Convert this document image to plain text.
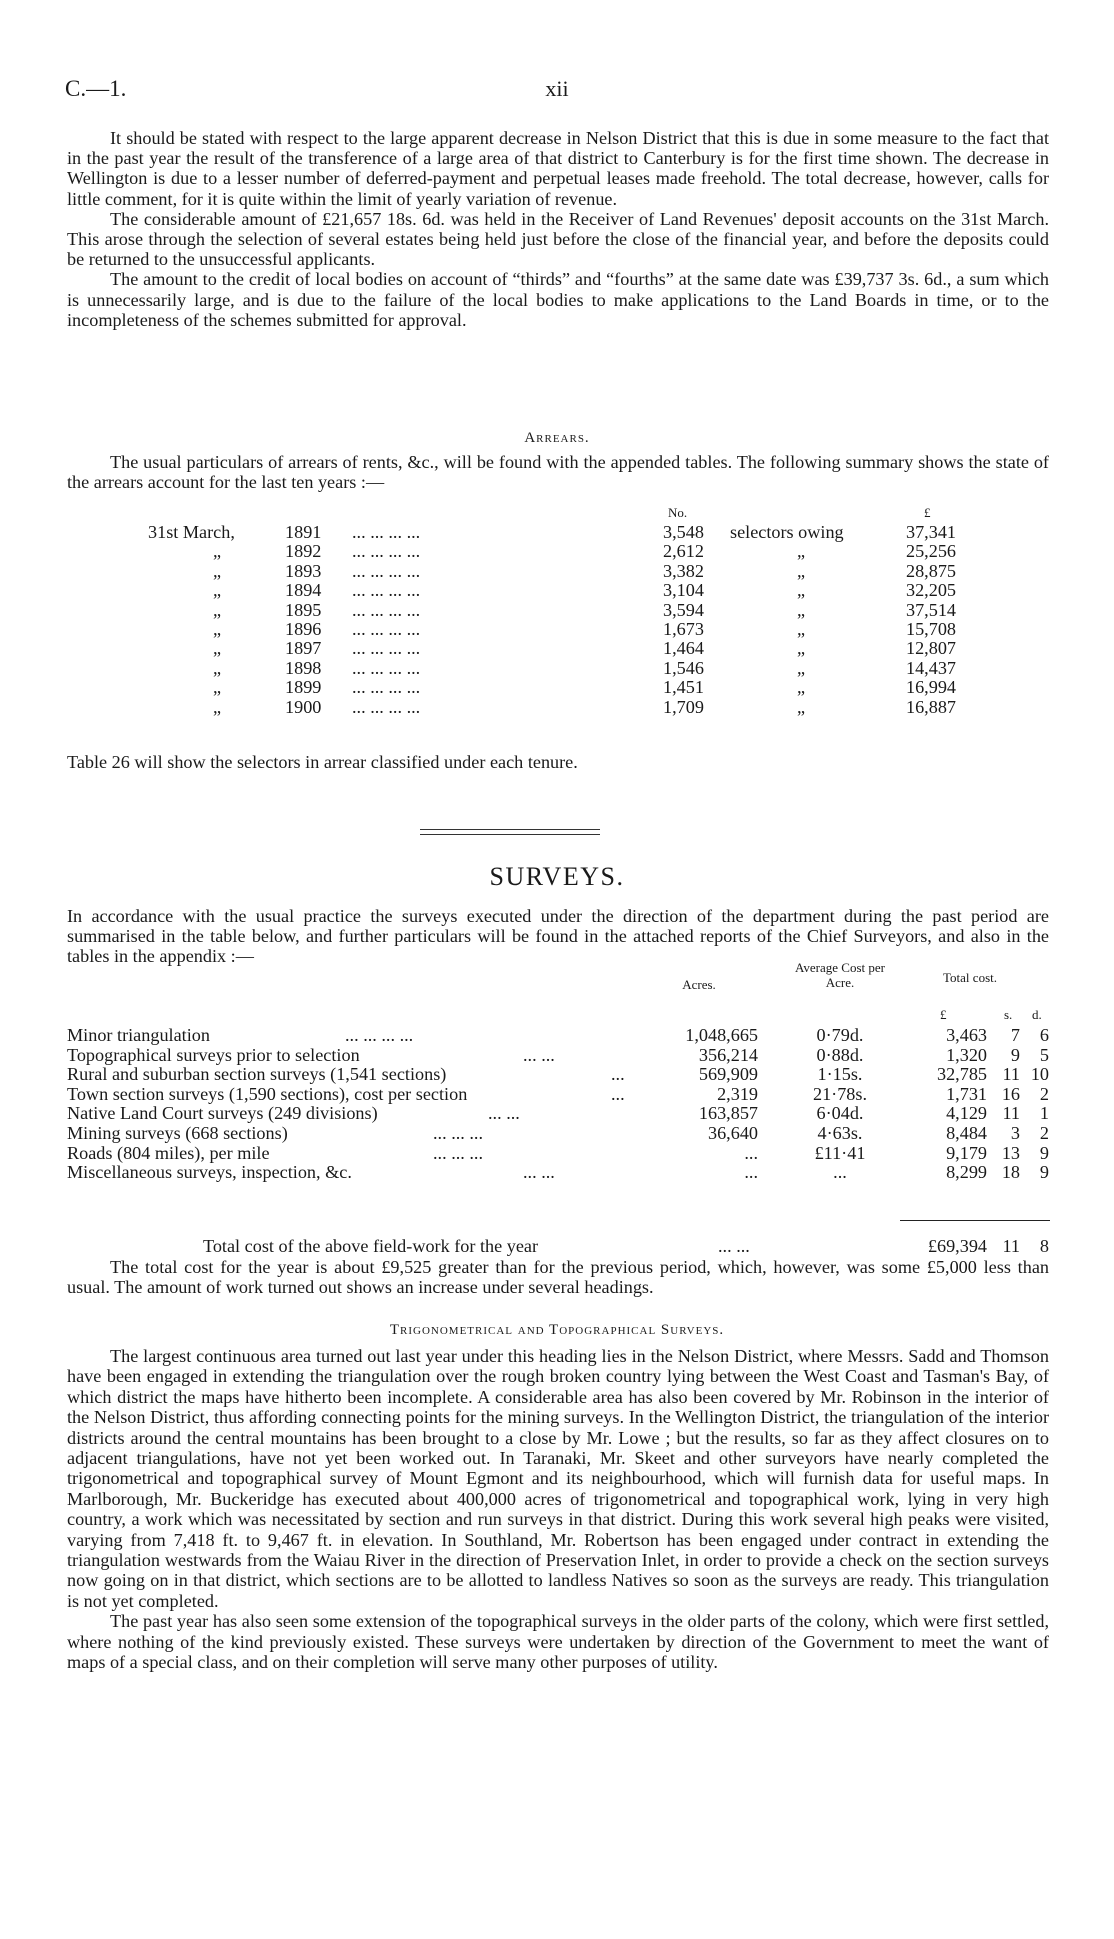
C.—1.	xii

It should be stated with respect to the large apparent decrease in Nelson District that this is due in some measure to the fact that in the past year the result of the transference of a large area of that district to Canterbury is for the first time shown. The decrease in Wellington is due to a lesser number of deferred-payment and perpetual leases made freehold. The total decrease, however, calls for little comment, for it is quite within the limit of yearly variation of revenue.

The considerable amount of £21,657 18s. 6d. was held in the Receiver of Land Revenues' deposit accounts on the 31st March. This arose through the selection of several estates being held just before the close of the financial year, and before the deposits could be returned to the unsuccessful applicants.

The amount to the credit of local bodies on account of “thirds” and “fourths” at the same date was £39,737 3s. 6d., a sum which is unnecessarily large, and is due to the failure of the local bodies to make applications to the Land Boards in time, or to the incompleteness of the schemes submitted for approval.

Arrears.

The usual particulars of arrears of rents, &c., will be found with the appended tables. The following summary shows the state of the arrears account for the last ten years :—

No.	£
31st March,	1891 ... ... ... ...	3,548 selectors owing	37,341
„	1892 ... ... ... ...	2,612	„	25,256
„	1893 ... ... ... ...	3,382	„	28,875
„	1894 ... ... ... ...	3,104	„	32,205
„	1895 ... ... ... ...	3,594	„	37,514
„	1896 ... ... ... ...	1,673	„	15,708
„	1897 ... ... ... ...	1,464	„	12,807
„	1898 ... ... ... ...	1,546	„	14,437
„	1899 ... ... ... ...	1,451	„	16,994
„	1900 ... ... ... ...	1,709	„	16,887

Table 26 will show the selectors in arrear classified under each tenure.

SURVEYS.

In accordance with the usual practice the surveys executed under the direction of the department during the past period are summarised in the table below, and further particulars will be found in the attached reports of the Chief Surveyors, and also in the tables in the appendix :—

Acres.
Average Cost per Acre.	Total cost.
£	s. d.
Minor triangulation	... ... ... ...	1,048,665	0·79d.	3,463	7	6
Topographical surveys prior to selection	... ...	356,214	0·88d.	1,320	9	5
Rural and suburban section surveys (1,541 sections)	...	569,909	1·15s.	32,785 11 10
Town section surveys (1,590 sections), cost per section	...	2,319	21·78s.	1,731 16	2
Native Land Court surveys (249 divisions)	... ...	163,857	6·04d.	4,129 11	1
Mining surveys (668 sections)	... ... ...	36,640	4·63s.	8,484	3	2
Roads (804 miles), per mile	... ... ...	...	£11·41	9,179 13	9
Miscellaneous surveys, inspection, &c.	... ...	...	...	8,299 18	9
Total cost of the above field-work for the year	... ...	£69,394 11	8

The total cost for the year is about £9,525 greater than for the previous period, which, however, was some £5,000 less than usual. The amount of work turned out shows an increase under several headings.

Trigonometrical and Topographical Surveys.

The largest continuous area turned out last year under this heading lies in the Nelson District, where Messrs. Sadd and Thomson have been engaged in extending the triangulation over the rough broken country lying between the West Coast and Tasman's Bay, of which district the maps have hitherto been incomplete. A considerable area has also been covered by Mr. Robinson in the interior of the Nelson District, thus affording connecting points for the mining surveys. In the Wellington District, the triangulation of the interior districts around the central mountains has been brought to a close by Mr. Lowe ; but the results, so far as they affect closures on to adjacent triangulations, have not yet been worked out. In Taranaki, Mr. Skeet and other surveyors have nearly completed the trigonometrical and topographical survey of Mount Egmont and its neighbourhood, which will furnish data for useful maps. In Marlborough, Mr. Buckeridge has executed about 400,000 acres of trigonometrical and topographical work, lying in very high country, a work which was necessitated by section and run surveys in that district. During this work several high peaks were visited, varying from 7,418 ft. to 9,467 ft. in elevation. In Southland, Mr. Robertson has been engaged under contract in extending the triangulation westwards from the Waiau River in the direction of Preservation Inlet, in order to provide a check on the section surveys now going on in that district, which sections are to be allotted to landless Natives so soon as the surveys are ready. This triangulation is not yet completed.

The past year has also seen some extension of the topographical surveys in the older parts of the colony, which were first settled, where nothing of the kind previously existed. These surveys were undertaken by direction of the Government to meet the want of maps of a special class, and on their completion will serve many other purposes of utility.
